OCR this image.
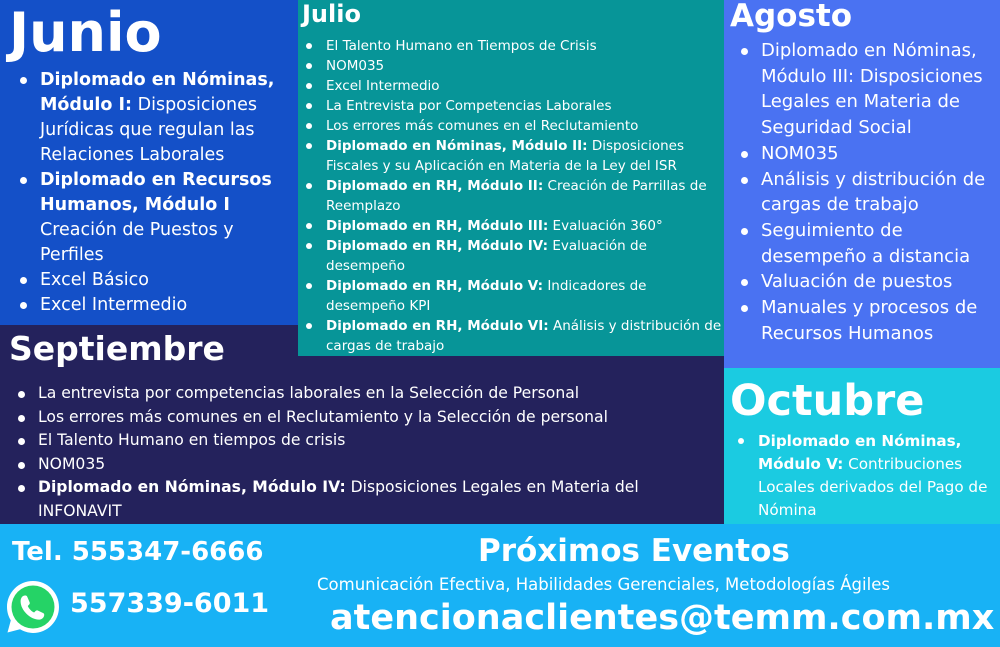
Junio
Diplomado en Nóminas, Módulo I: Disposiciones Jurídicas que regulan las Relaciones Laborales
Diplomado en Recursos Humanos, Módulo I Creación de Puestos y Perfiles
Excel Básico
Excel Intermedio
Julio
El Talento Humano en Tiempos de Crisis
NOM035
Excel Intermedio
La Entrevista por Competencias Laborales
Los errores más comunes en el Reclutamiento
Diplomado en Nóminas, Módulo II: Disposiciones Fiscales y su Aplicación en Materia de la Ley del ISR
Diplomado en RH, Módulo II: Creación de Parrillas de Reemplazo
Diplomado en RH, Módulo III: Evaluación 360°
Diplomado en RH, Módulo IV: Evaluación de desempeño
Diplomado en RH, Módulo V: Indicadores de desempeño KPI
Diplomado en RH, Módulo VI: Análisis y distribución de cargas de trabajo
Agosto
Diplomado en Nóminas, Módulo III: Disposiciones Legales en Materia de Seguridad Social
NOM035
Análisis y distribución de cargas de trabajo
Seguimiento de desempeño a distancia
Valuación de puestos
Manuales y procesos de Recursos Humanos
Septiembre
La entrevista por competencias laborales en la Selección de Personal
Los errores más comunes en el Reclutamiento y la Selección de personal
El Talento Humano en tiempos de crisis
NOM035
Diplomado en Nóminas, Módulo IV: Disposiciones Legales en Materia del INFONAVIT
Octubre
Diplomado en Nóminas, Módulo V: Contribuciones Locales derivados del Pago de Nómina
Tel. 555347-6666
557339-6011
Próximos Eventos
Comunicación Efectiva, Habilidades Gerenciales, Metodologías Ágiles
atencionaclientes@temm.com.mx
